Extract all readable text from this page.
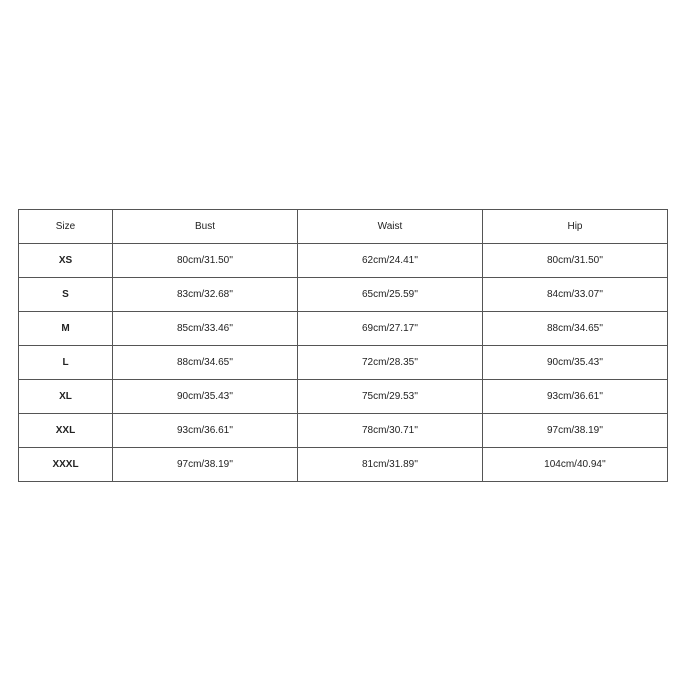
Size	Bust	Waist	Hip
XS	80cm/31.50''	62cm/24.41''	80cm/31.50''
S	83cm/32.68''	65cm/25.59''	84cm/33.07''
M	85cm/33.46''	69cm/27.17''	88cm/34.65''
L	88cm/34.65''	72cm/28.35''	90cm/35.43''
XL	90cm/35.43''	75cm/29.53''	93cm/36.61''
XXL	93cm/36.61''	78cm/30.71''	97cm/38.19''
XXXL	97cm/38.19''	81cm/31.89''	104cm/40.94''
